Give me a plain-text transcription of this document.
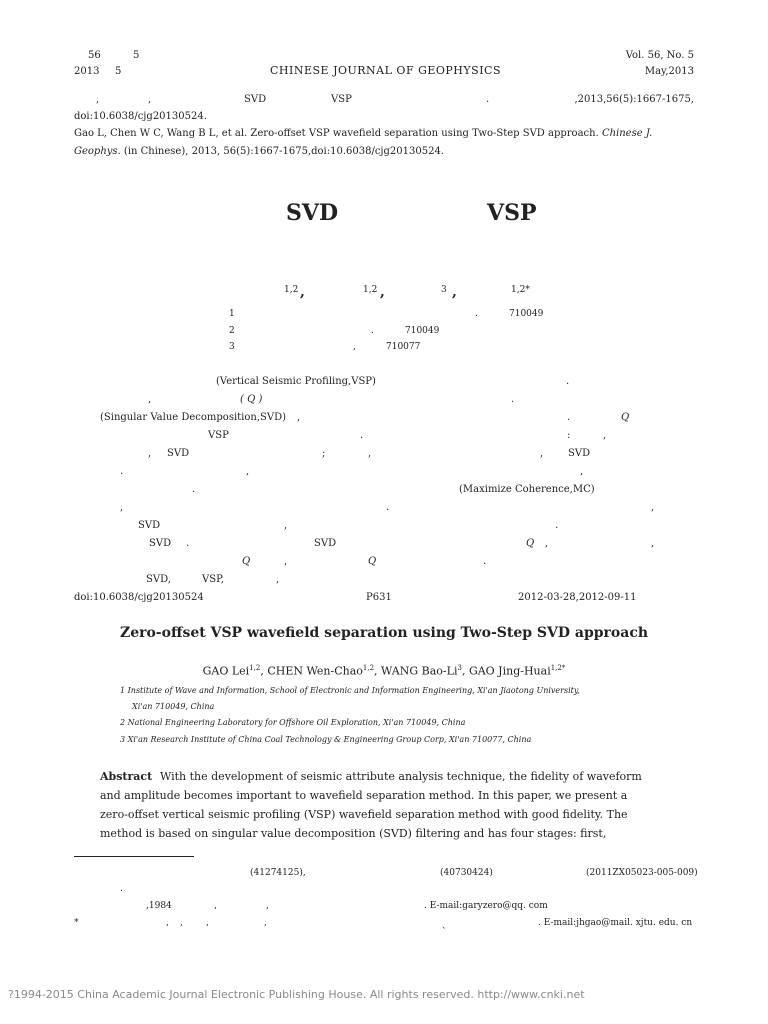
56	5
2013 5	CHINESE JOURNAL OF GEOPHYSICS
Vol. 56, No. 5
May,2013
,	,	SVD	VSP	.	,2013,56(5):1667-1675,
doi:10.6038/cjg20130524.
Gao L, Chen W C, Wang B L, et al. Zero-offset VSP wavefield separation using Two-Step SVD approach. Chinese J.
Geophys. (in Chinese), 2013, 56(5):1667-1675,doi:10.6038/cjg20130524.
SVD	VSP
1,2 ,	1,2 ,	3 ,	1,2*
1	.	710049
2	.	710049
3	,	710077
(Vertical Seismic Profiling,VSP)	.
,	( Q )	.
(Singular Value Decomposition,SVD) ,	.	Q
VSP	.	:	,
, SVD	;	,	, SVD
.	,	,
.	(Maximize Coherence,MC)
,	.	,
SVD	,	.
SVD .	SVD	Q ,	,
Q	,	Q	.
SVD,	VSP,	,
doi:10.6038/cjg20130524	P631	2012-03-28,2012-09-11
Zero-offset VSP wavefield separation using Two-Step SVD approach
GAO Lei$^{1,2}$, CHEN Wen-Chao$^{1,2}$, WANG Bao-Li$^3$, GAO Jing-Huai$^{1,2*}$
1 Institute of Wave and Information, School of Electronic and Information Engineering, Xi'an Jiaotong University,
Xi'an 710049, China
2 National Engineering Laboratory for Offshore Oil Exploration, Xi'an 710049, China
3 Xi'an Research Institute of China Coal Technology & Engineering Group Corp, Xi'an 710077, China
Abstract With the development of seismic attribute analysis technique, the fidelity of waveform
and amplitude becomes important to wavefield separation method. In this paper, we present a
zero-offset vertical seismic profiling (VSP) wavefield separation method with good fidelity. The
method is based on singular value decomposition (SVD) filtering and has four stages: first,
(41274125),	(40730424)	(2011ZX05023-005-009)
.
,1984	,	,	. E-mail:garyzero@qq. com
*	, ,	,	,	、	. E-mail:jhgao@mail. xjtu. edu. cn
?1994-2015 China Academic Journal Electronic Publishing House. All rights reserved. http://www.cnki.net
